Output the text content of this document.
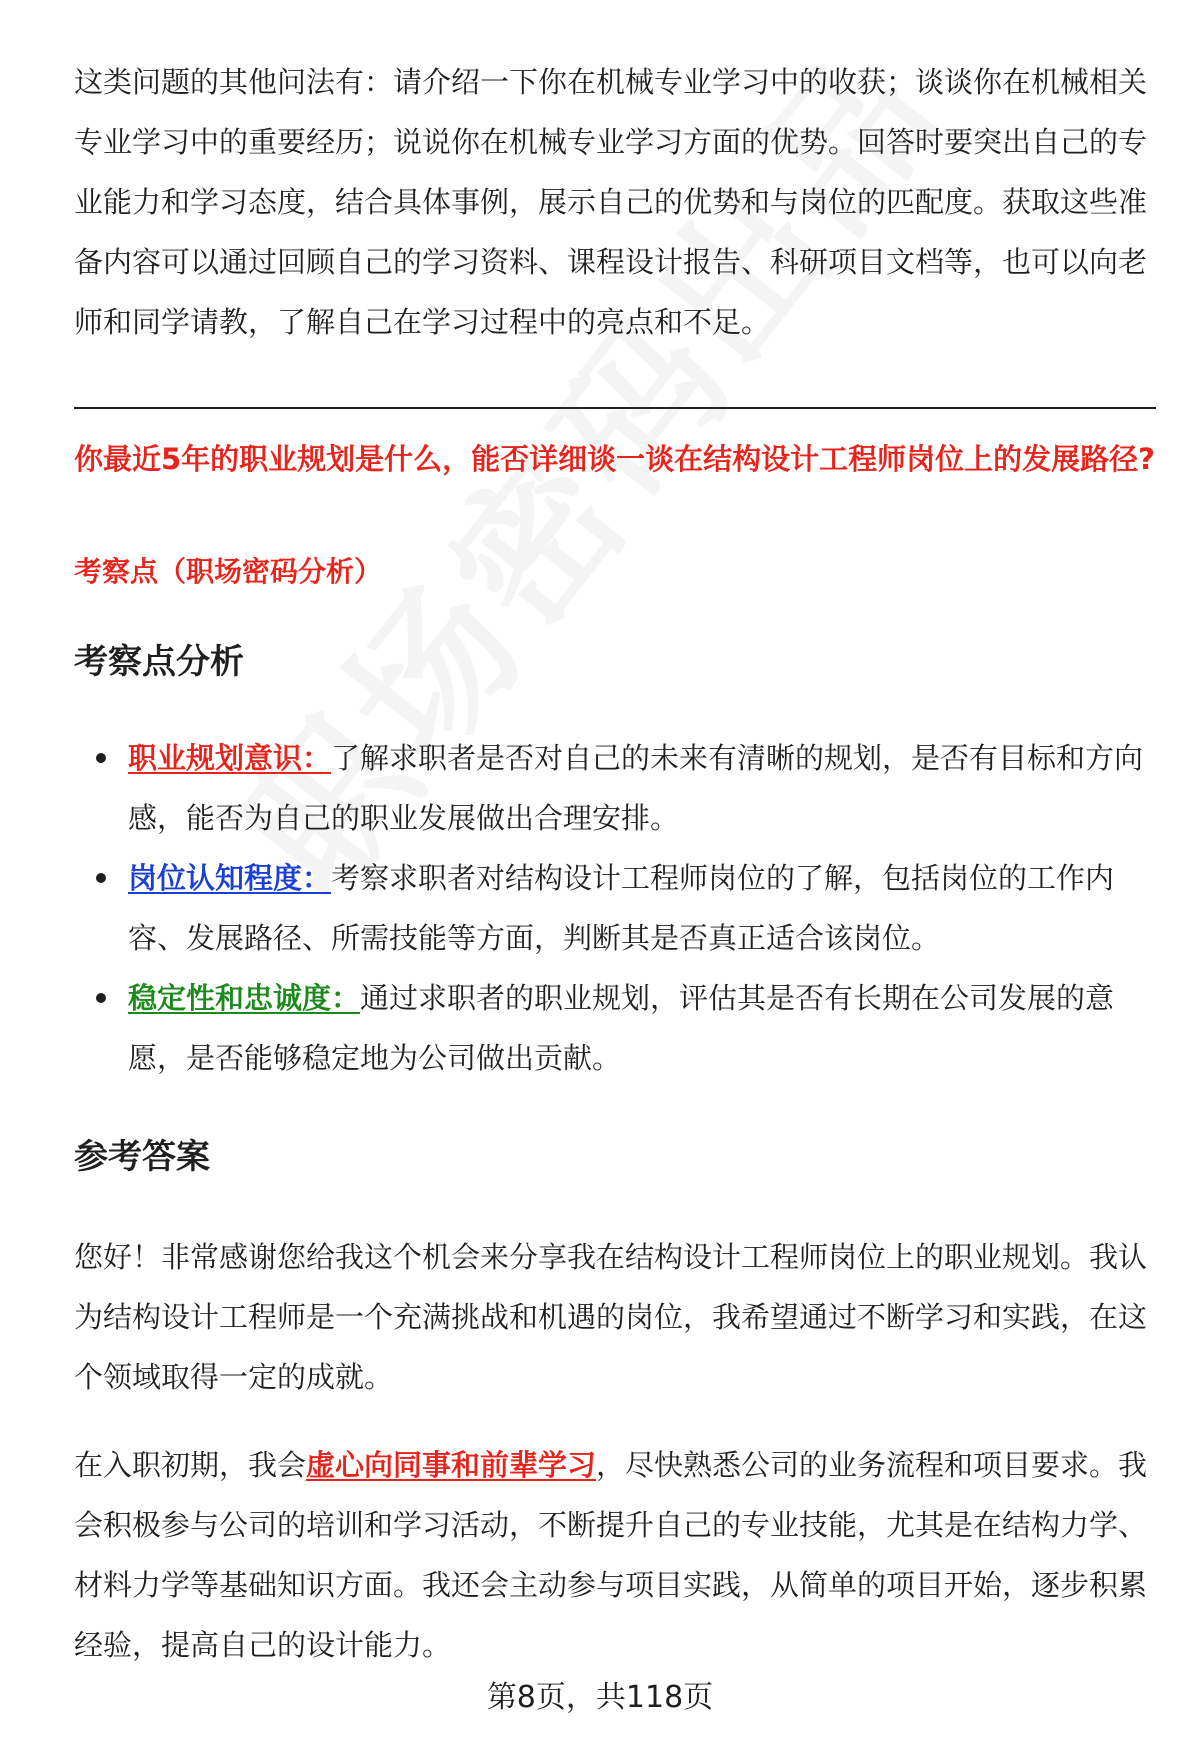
这类问题的其他问法有：请介绍一下你在机械专业学习中的收获；谈谈你在机械相关专业学习中的重要经历；说说你在机械专业学习方面的优势。回答时要突出自己的专业能力和学习态度，结合具体事例，展示自己的优势和与岗位的匹配度。获取这些准备内容可以通过回顾自己的学习资料、课程设计报告、科研项目文档等，也可以向老师和同学请教，了解自己在学习过程中的亮点和不足。

你最近5年的职业规划是什么，能否详细谈一谈在结构设计工程师岗位上的发展路径?
考察点（职场密码分析）
考察点分析
职业规划意识：了解求职者是否对自己的未来有清晰的规划，是否有目标和方向感，能否为自己的职业发展做出合理安排。
岗位认知程度：考察求职者对结构设计工程师岗位的了解，包括岗位的工作内容、发展路径、所需技能等方面，判断其是否真正适合该岗位。
稳定性和忠诚度：通过求职者的职业规划，评估其是否有长期在公司发展的意愿，是否能够稳定地为公司做出贡献。
参考答案

您好！非常感谢您给我这个机会来分享我在结构设计工程师岗位上的职业规划。我认为结构设计工程师是一个充满挑战和机遇的岗位，我希望通过不断学习和实践，在这个领域取得一定的成就。

在入职初期，我会虚心向同事和前辈学习，尽快熟悉公司的业务流程和项目要求。我会积极参与公司的培训和学习活动，不断提升自己的专业技能，尤其是在结构力学、材料力学等基础知识方面。我还会主动参与项目实践，从简单的项目开始，逐步积累经验，提高自己的设计能力。

第8页，共118页
